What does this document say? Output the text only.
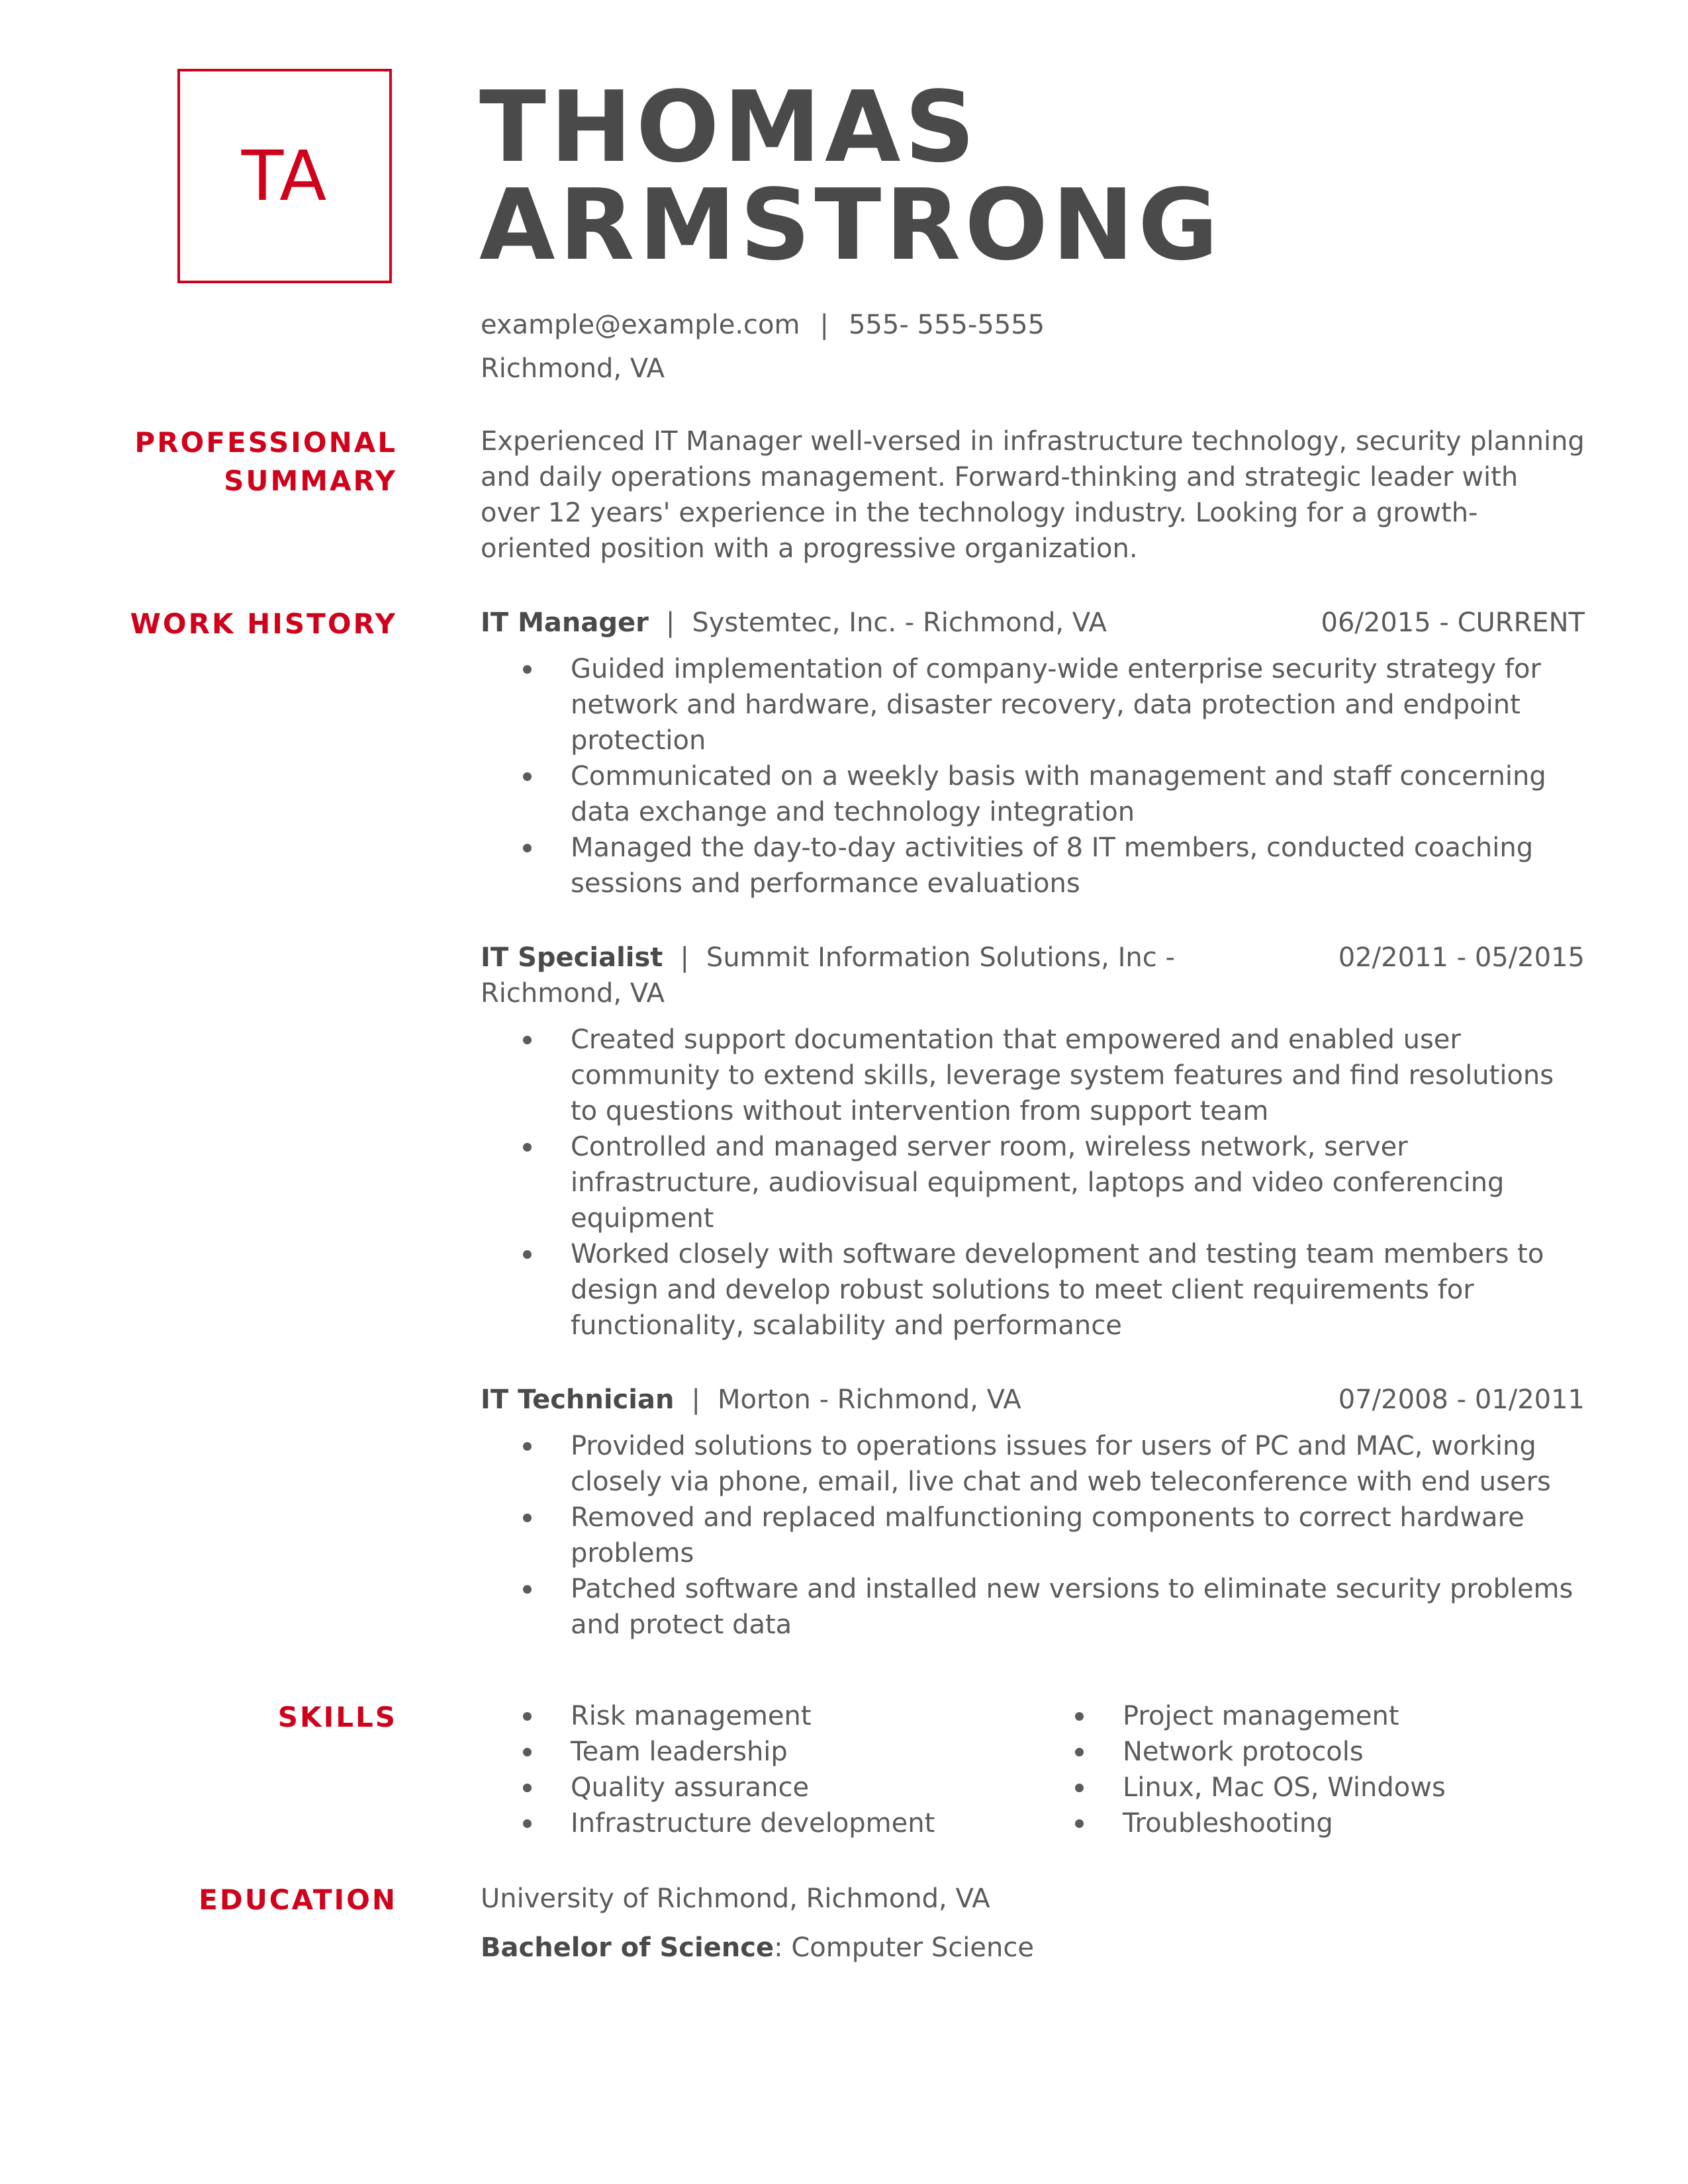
TA THOMAS
ARMSTRONG
example@example.com | 555- 555-5555
Richmond, VA
PROFESSIONAL
SUMMARY
Experienced IT Manager well-versed in infrastructure technology, security planning and daily operations management. Forward-thinking and strategic leader with over 12 years' experience in the technology industry. Looking for a growth-oriented position with a progressive organization.
WORK HISTORY	IT Manager | Systemtec, Inc. - Richmond, VA	06/2015 - CURRENT
Guided implementation of company-wide enterprise security strategy for network and hardware, disaster recovery, data protection and endpoint protection
Communicated on a weekly basis with management and staff concerning data exchange and technology integration
Managed the day-to-day activities of 8 IT members, conducted coaching sessions and performance evaluations
IT Specialist | Summit Information Solutions, Inc -	02/2011 - 05/2015
Richmond, VA
Created support documentation that empowered and enabled user community to extend skills, leverage system features and find resolutions to questions without intervention from support team
Controlled and managed server room, wireless network, server infrastructure, audiovisual equipment, laptops and video conferencing equipment
Worked closely with software development and testing team members to design and develop robust solutions to meet client requirements for functionality, scalability and performance
IT Technician | Morton - Richmond, VA	07/2008 - 01/2011
Provided solutions to operations issues for users of PC and MAC, working closely via phone, email, live chat and web teleconference with end users
Removed and replaced malfunctioning components to correct hardware problems
Patched software and installed new versions to eliminate security problems and protect data
SKILLS	Risk management
Team leadership
Quality assurance
Infrastructure development
Project management
Network protocols
Linux, Mac OS, Windows
Troubleshooting
EDUCATION	University of Richmond, Richmond, VA
Bachelor of Science: Computer Science
